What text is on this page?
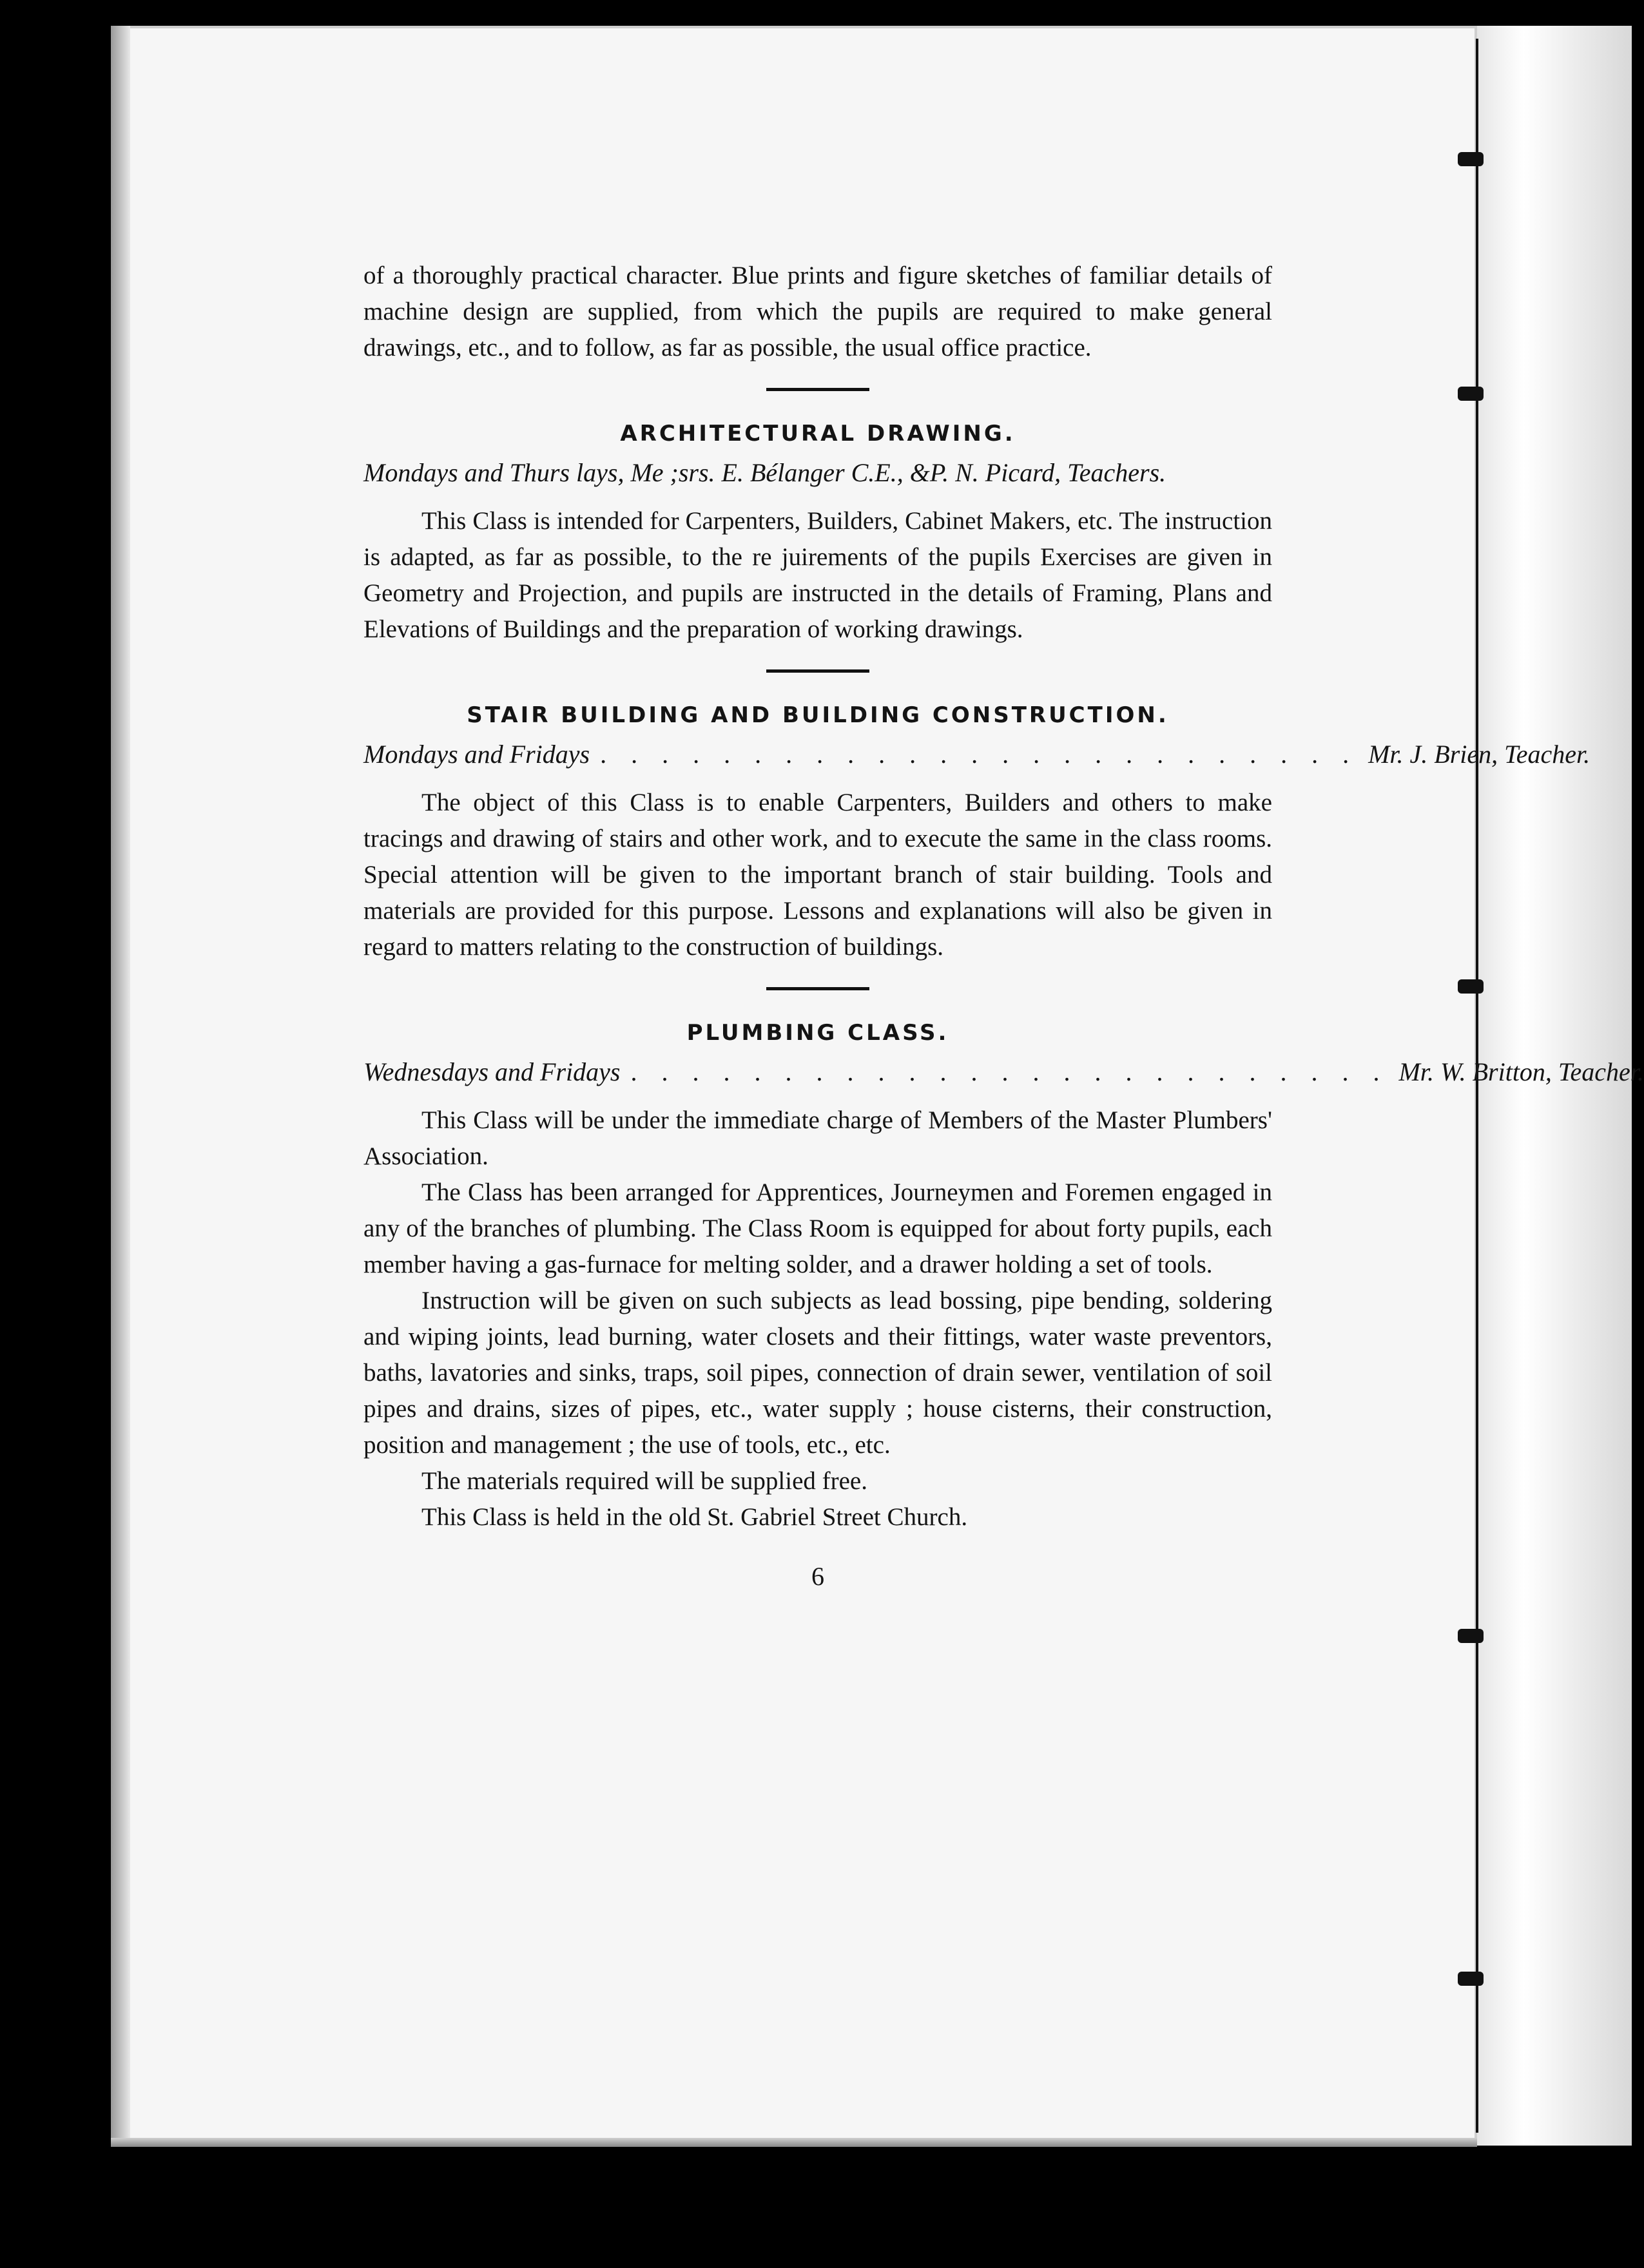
of a thoroughly practical character. Blue prints and figure sketches of familiar details of machine design are supplied, from which the pupils are required to make general drawings, etc., and to follow, as far as possible, the usual office practice.

ARCHITECTURAL DRAWING.
Mondays and Thurs lays, Me ;srs. E. Bélanger C.E., &P. N. Picard, Teachers.

This Class is intended for Carpenters, Builders, Cabinet Makers, etc. The instruction is adapted, as far as possible, to the re juirements of the pupils Exercises are given in Geometry and Projection, and pupils are instructed in the details of Framing, Plans and Elevations of Buildings and the preparation of working drawings.

STAIR BUILDING AND BUILDING CONSTRUCTION.
Mondays and Fridays . . . . . . . . . . . . . . . . . . . . . . . . . Mr. J. Brien, Teacher.

The object of this Class is to enable Carpenters, Builders and others to make tracings and drawing of stairs and other work, and to execute the same in the class rooms. Special attention will be given to the important branch of stair building. Tools and materials are provided for this purpose. Lessons and explanations will also be given in regard to matters relating to the construction of buildings.

PLUMBING CLASS.
Wednesdays and Fridays . . . . . . . . . . . . . . . . . . . . . . . . . Mr. W. Britton, Teacher.

This Class will be under the immediate charge of Members of the Master Plumbers' Association.

The Class has been arranged for Apprentices, Journeymen and Foremen engaged in any of the branches of plumbing. The Class Room is equipped for about forty pupils, each member having a gas-furnace for melting solder, and a drawer holding a set of tools.

Instruction will be given on such subjects as lead bossing, pipe bending, soldering and wiping joints, lead burning, water closets and their fittings, water waste preventors, baths, lavatories and sinks, traps, soil pipes, connection of drain sewer, ventilation of soil pipes and drains, sizes of pipes, etc., water supply ; house cisterns, their construction, position and management ; the use of tools, etc., etc.

The materials required will be supplied free.

This Class is held in the old St. Gabriel Street Church.

6
